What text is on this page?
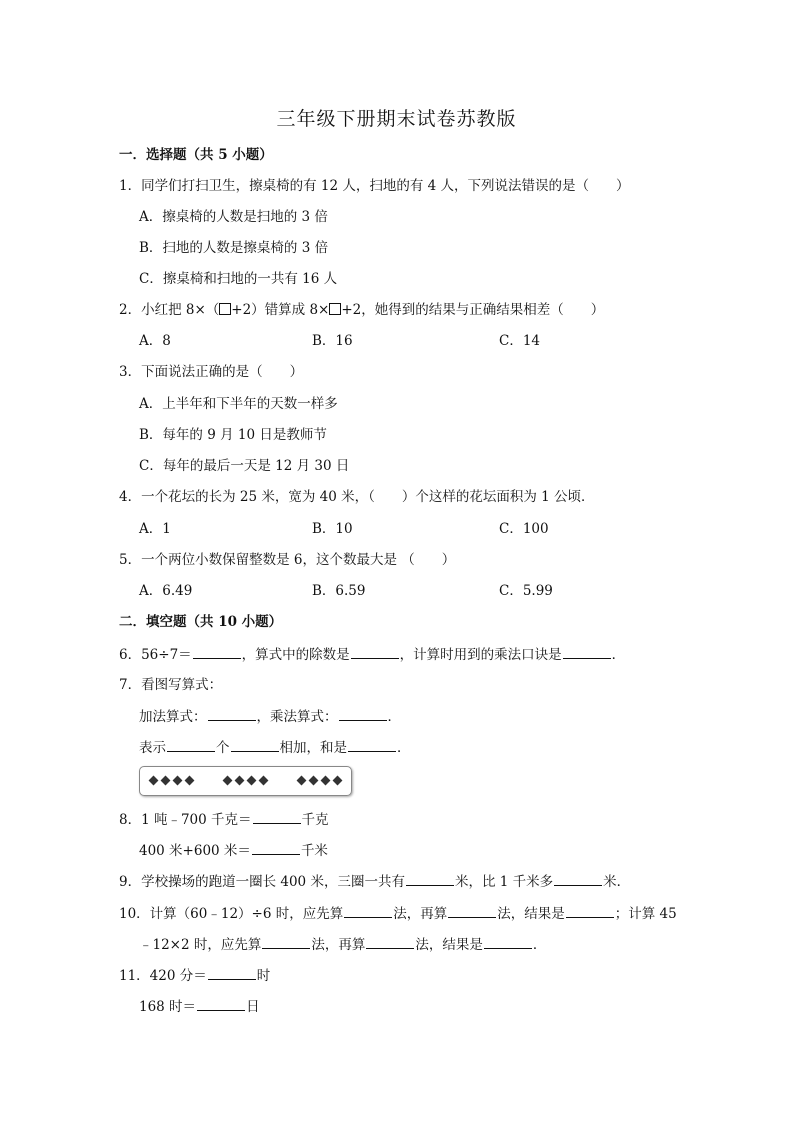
三年级下册期末试卷苏教版
一．选择题（共 5 小题）
1．同学们打扫卫生，擦桌椅的有 12 人，扫地的有 4 人，下列说法错误的是（　　）
A．擦桌椅的人数是扫地的 3 倍
B．扫地的人数是擦桌椅的 3 倍
C．擦桌椅和扫地的一共有 16 人
2．小红把 8×（ +2）错算成 8× +2，她得到的结果与正确结果相差（　　）
A．8	B．16	C．14
3．下面说法正确的是（　　）
A．上半年和下半年的天数一样多
B．每年的 9 月 10 日是教师节
C．每年的最后一天是 12 月 30 日
4．一个花坛的长为 25 米，宽为 40 米，（　　）个这样的花坛面积为 1 公顷．
A．1	B．10	C．100
5．一个两位小数保留整数是 6，这个数最大是 （　　）
A．6.49	B．6.59	C．5.99
二．填空题（共 10 小题）
6．56÷7＝	，算式中的除数是	，计算时用到的乘法口诀是	．
7．看图写算式：
加法算式：	，乘法算式：	．
表示	个	相加，和是	．
8．1 吨﹣700 千克＝	千克
400 米+600 米＝	千米
9．学校操场的跑道一圈长 400 米，三圈一共有	米，比 1 千米多	米．
10．计算（60﹣12）÷6 时，应先算	法，再算	法，结果是	；计算 45
﹣12×2 时，应先算	法，再算	法，结果是	．
11．420 分＝	时
168 时＝	日
